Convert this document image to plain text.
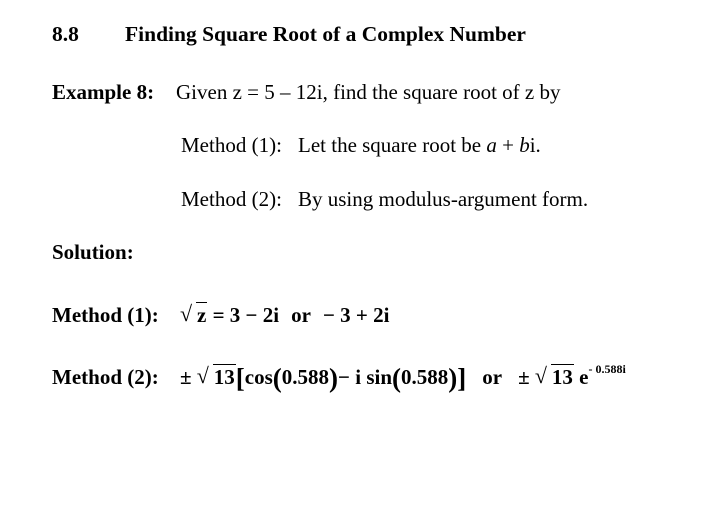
8.8 Finding Square Root of a Complex Number
Example 8: Given z = 5 – 12i, find the square root of z by
Method (1): Let the square root be a + bi.
Method (2): By using modulus-argument form.
Solution:
Method (1): √ z = 3 − 2i or − 3 + 2i
Method (2): ± √ 13[cos(0.588)− i sin(0.588)] or ± √ 13 $e^{- 0.588i}$
